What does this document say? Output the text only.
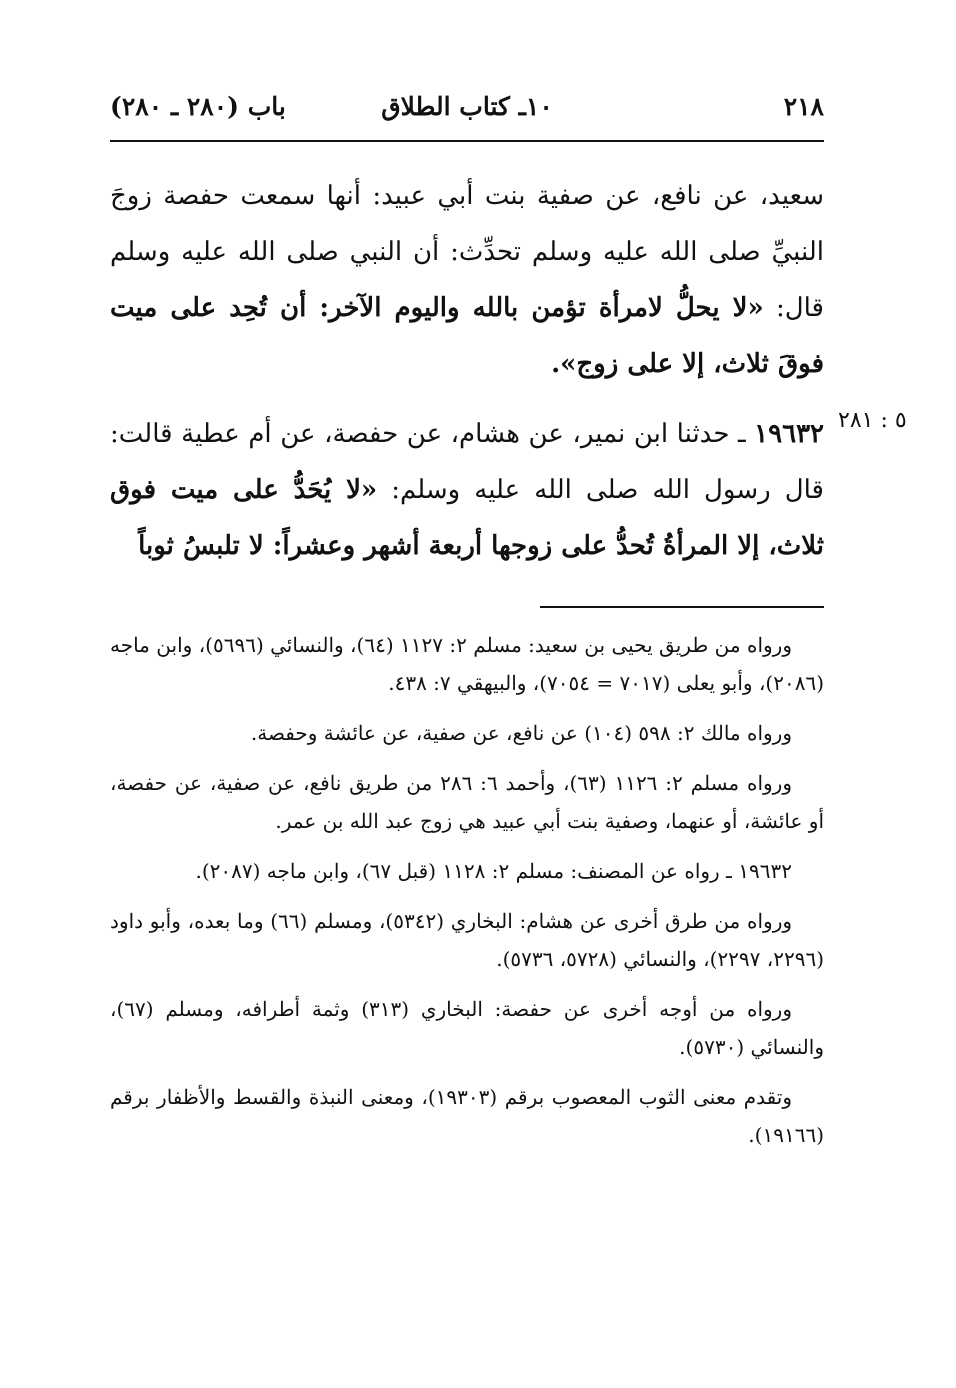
٢١٨
١٠ـ كتاب الطلاق
باب (٢٨٠ ـ ٢٨٠)
٥ : ٢٨١

سعيد، عن نافع، عن صفية بنت أبي عبيد: أنها سمعت حفصة زوجَ النبيِّ صلى الله عليه وسلم تحدِّث: أن النبي صلى الله عليه وسلم قال: «لا يحلُّ لامرأة تؤمن بالله واليوم الآخر: أن تُحِد على ميت فوقَ ثلاث، إلا على زوج».

١٩٦٣٢ ـ حدثنا ابن نمير، عن هشام، عن حفصة، عن أم عطية قالت: قال رسول الله صلى الله عليه وسلم: «لا يُحَدُّ على ميت فوق ثلاث، إلا المرأةُ تُحدُّ على زوجها أربعة أشهر وعشراً: لا تلبسُ ثوباً

ورواه من طريق يحيى بن سعيد: مسلم ٢: ١١٢٧ (٦٤)، والنسائي (٥٦٩٦)، وابن ماجه (٢٠٨٦)، وأبو يعلى (٧٠١٧ = ٧٠٥٤)، والبيهقي ٧: ٤٣٨.

ورواه مالك ٢: ٥٩٨ (١٠٤) عن نافع، عن صفية، عن عائشة وحفصة.

ورواه مسلم ٢: ١١٢٦ (٦٣)، وأحمد ٦: ٢٨٦ من طريق نافع، عن صفية، عن حفصة، أو عائشة، أو عنهما، وصفية بنت أبي عبيد هي زوج عبد الله بن عمر.

١٩٦٣٢ ـ رواه عن المصنف: مسلم ٢: ١١٢٨ (قبل ٦٧)، وابن ماجه (٢٠٨٧).

ورواه من طرق أخرى عن هشام: البخاري (٥٣٤٢)، ومسلم (٦٦) وما بعده، وأبو داود (٢٢٩٦، ٢٢٩٧)، والنسائي (٥٧٢٨، ٥٧٣٦).

ورواه من أوجه أخرى عن حفصة: البخاري (٣١٣) وثمة أطرافه، ومسلم (٦٧)، والنسائي (٥٧٣٠).

وتقدم معنى الثوب المعصوب برقم (١٩٣٠٣)، ومعنى النبذة والقسط والأظفار برقم (١٩١٦٦).
